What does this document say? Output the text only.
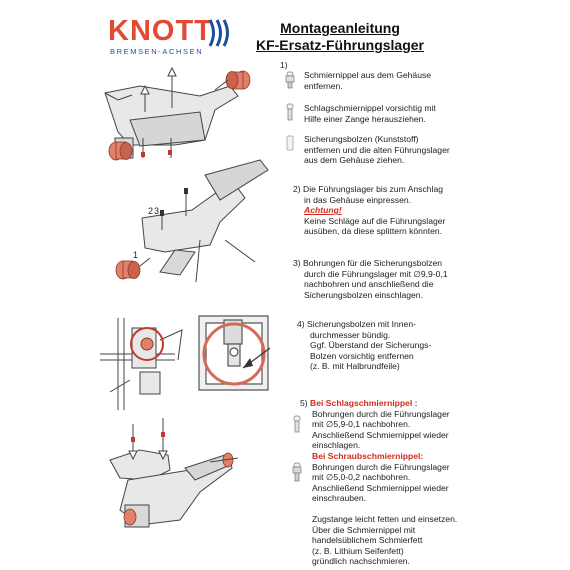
KNOTT
BREMSEN-ACHSEN
Montageanleitung
KF-Ersatz-Führungslager
2 3
1
1)
Schmiernippel aus dem Gehäuse
entfernen.
Schlagschmiernippel vorsichtig mit
Hilfe einer Zange herausziehen.
Sicherungsbolzen (Kunststoff)
entfernen und die alten Führungslager
aus dem Gehäuse ziehen.
2) Die Führungslager bis zum Anschlag
in das Gehäuse einpressen.
Achtung!
Keine Schläge auf die Führungslager
ausüben, da diese splittern könnten.
3) Bohrungen für die Sicherungsbolzen
durch die Führungslager mit ∅9,9-0,1
nachbohren und anschließend die
Sicherungsbolzen einschlagen.
4) Sicherungsbolzen mit Innen-
durchmesser bündig.
Ggf. Überstand der Sicherungs-
Bolzen vorsichtig entfernen
(z. B. mit Halbrundfeile)
5) Bei Schlagschmiernippel :
Bohrungen durch die Führungslager
mit ∅5,9-0,1 nachbohren.
Anschließend Schmiernippel wieder
einschlagen.
Bei Schraubschmiernippel:
Bohrungen durch die Führungslager
mit ∅5,0-0,2 nachbohren.
Anschließend Schmiernippel wieder
einschrauben.
Zugstange leicht fetten und einsetzen.
Über die Schmiernippel mit
handelsüblichem Schmierfett
(z. B. Lithium Seifenfett)
gründlich nachschmieren.
